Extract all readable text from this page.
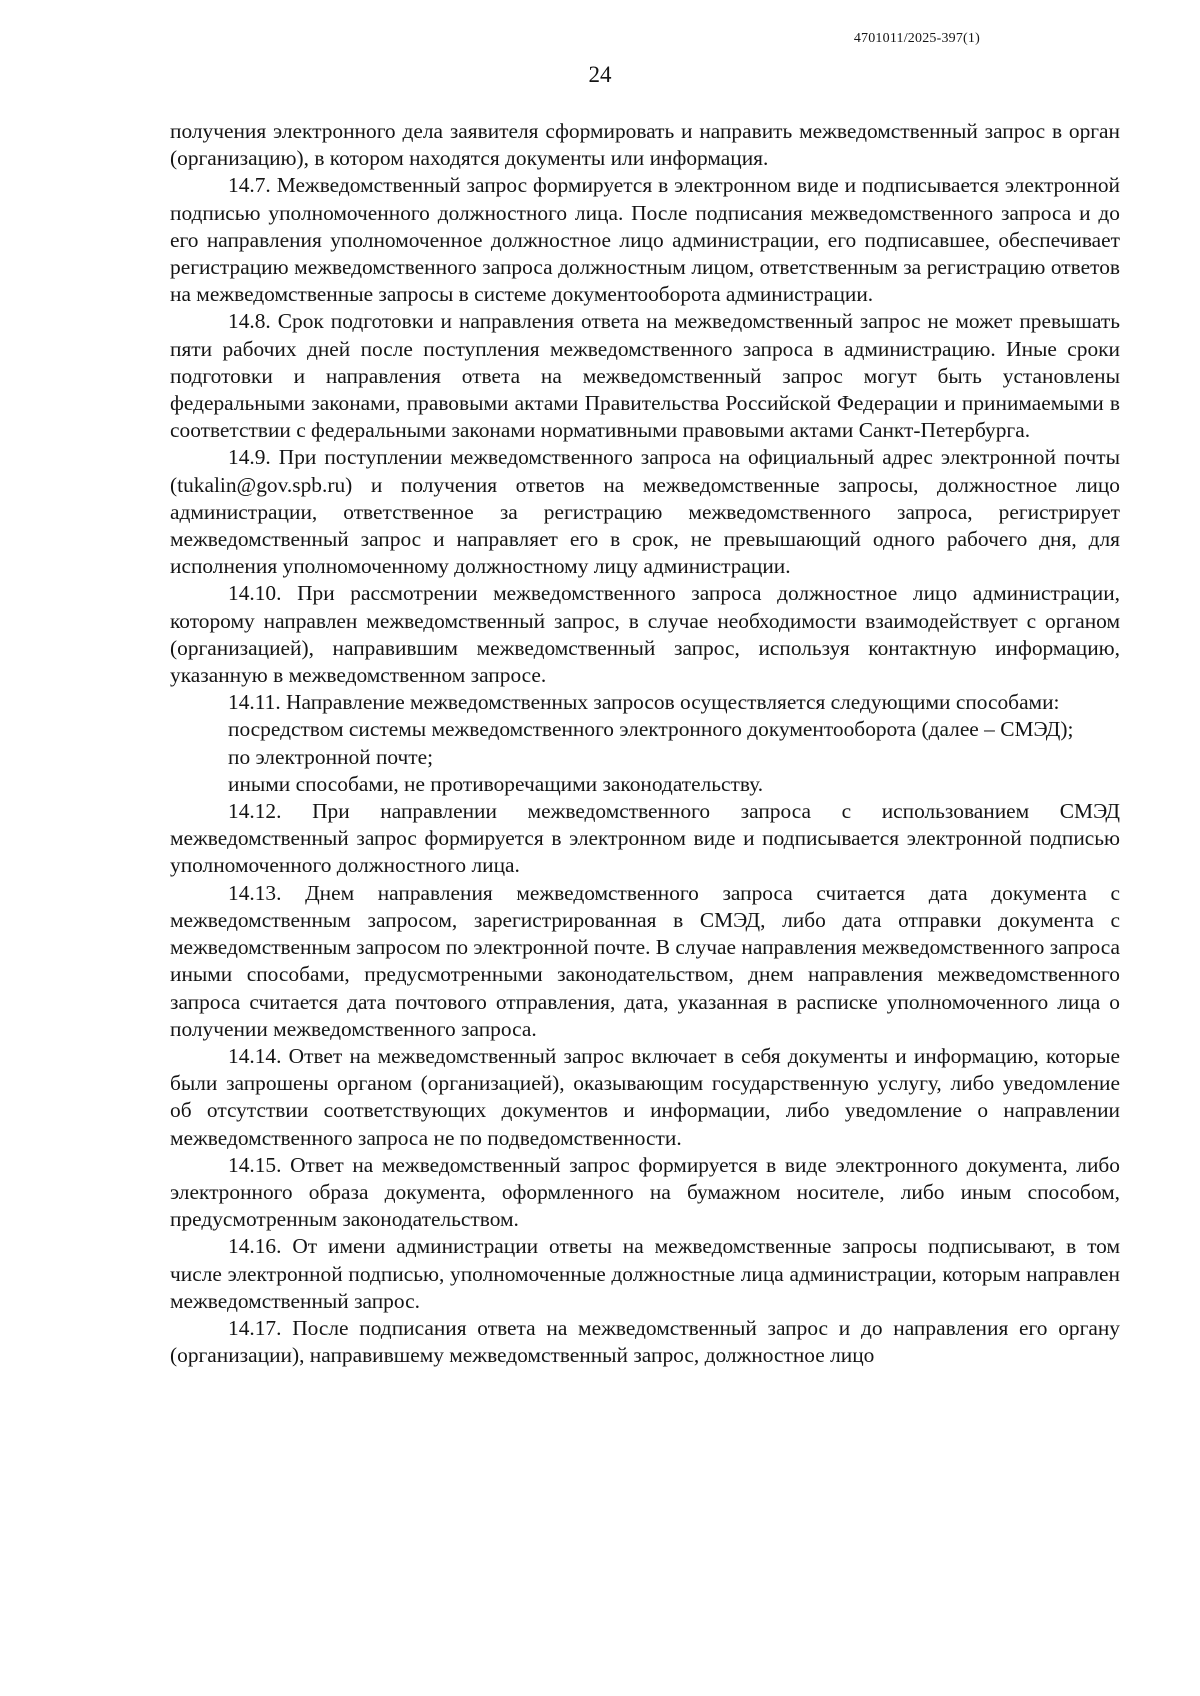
4701011/2025-397(1)
24

получения электронного дела заявителя сформировать и направить межведомственный запрос в орган (организацию), в котором находятся документы или информация.

14.7. Межведомственный запрос формируется в электронном виде и подписывается электронной подписью уполномоченного должностного лица. После подписания межведомственного запроса и до его направления уполномоченное должностное лицо администрации, его подписавшее, обеспечивает регистрацию межведомственного запроса должностным лицом, ответственным за регистрацию ответов на межведомственные запросы в системе документооборота администрации.

14.8. Срок подготовки и направления ответа на межведомственный запрос не может превышать пяти рабочих дней после поступления межведомственного запроса в администрацию. Иные сроки подготовки и направления ответа на межведомственный запрос могут быть установлены федеральными законами, правовыми актами Правительства Российской Федерации и принимаемыми в соответствии с федеральными законами нормативными правовыми актами Санкт-Петербурга.

14.9. При поступлении межведомственного запроса на официальный адрес электронной почты (tukalin@gov.spb.ru) и получения ответов на межведомственные запросы, должностное лицо администрации, ответственное за регистрацию межведомственного запроса, регистрирует межведомственный запрос и направляет его в срок, не превышающий одного рабочего дня, для исполнения уполномоченному должностному лицу администрации.

14.10. При рассмотрении межведомственного запроса должностное лицо администрации, которому направлен межведомственный запрос, в случае необходимости взаимодействует с органом (организацией), направившим межведомственный запрос, используя контактную информацию, указанную в межведомственном запросе.

14.11. Направление межведомственных запросов осуществляется следующими способами:

посредством системы межведомственного электронного документооборота (далее – СМЭД);

по электронной почте;

иными способами, не противоречащими законодательству.

14.12. При направлении межведомственного запроса с использованием СМЭД межведомственный запрос формируется в электронном виде и подписывается электронной подписью уполномоченного должностного лица.

14.13. Днем направления межведомственного запроса считается дата документа с межведомственным запросом, зарегистрированная в СМЭД, либо дата отправки документа с межведомственным запросом по электронной почте. В случае направления межведомственного запроса иными способами, предусмотренными законодательством, днем направления межведомственного запроса считается дата почтового отправления, дата, указанная в расписке уполномоченного лица о получении межведомственного запроса.

14.14. Ответ на межведомственный запрос включает в себя документы и информацию, которые были запрошены органом (организацией), оказывающим государственную услугу, либо уведомление об отсутствии соответствующих документов и информации, либо уведомление о направлении межведомственного запроса не по подведомственности.

14.15. Ответ на межведомственный запрос формируется в виде электронного документа, либо электронного образа документа, оформленного на бумажном носителе, либо иным способом, предусмотренным законодательством.

14.16. От имени администрации ответы на межведомственные запросы подписывают, в том числе электронной подписью, уполномоченные должностные лица администрации, которым направлен межведомственный запрос.

14.17. После подписания ответа на межведомственный запрос и до направления его органу (организации), направившему межведомственный запрос, должностное лицо
